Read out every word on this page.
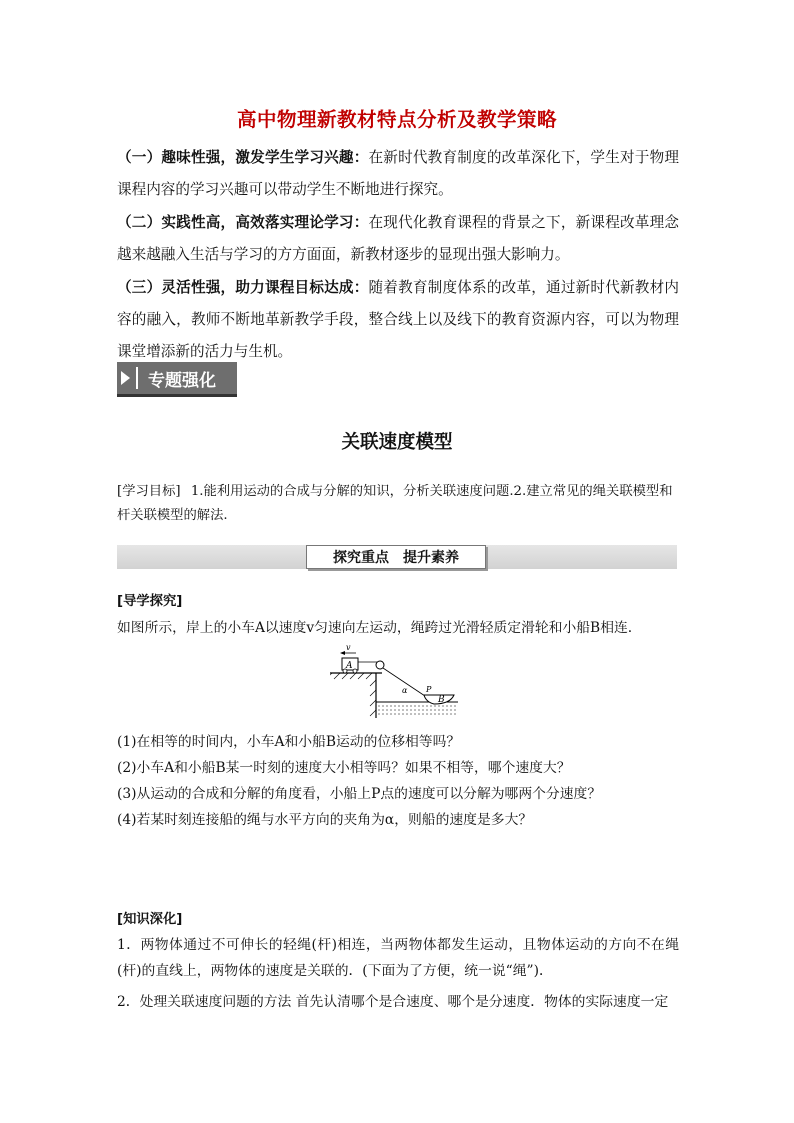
高中物理新教材特点分析及教学策略
（一）趣味性强，激发学生学习兴趣：在新时代教育制度的改革深化下，学生对于物理课程内容的学习兴趣可以带动学生不断地进行探究。
（二）实践性高，高效落实理论学习：在现代化教育课程的背景之下，新课程改革理念越来越融入生活与学习的方方面面，新教材逐步的显现出强大影响力。
（三）灵活性强，助力课程目标达成：随着教育制度体系的改革，通过新时代新教材内容的融入，教师不断地革新教学手段，整合线上以及线下的教育资源内容，可以为物理课堂增添新的活力与生机。
专题强化
关联速度模型
[学习目标] 1.能利用运动的合成与分解的知识，分析关联速度问题.2.建立常见的绳关联模型和杆关联模型的解法.
探究重点 提升素养
[导学探究]
如图所示，岸上的小车A以速度v匀速向左运动，绳跨过光滑轻质定滑轮和小船B相连.
A
v
B
P
α
(1)在相等的时间内，小车A和小船B运动的位移相等吗？
(2)小车A和小船B某一时刻的速度大小相等吗？如果不相等，哪个速度大？
(3)从运动的合成和分解的角度看，小船上P点的速度可以分解为哪两个分速度？
(4)若某时刻连接船的绳与水平方向的夹角为α，则船的速度是多大？
[知识深化]
1．两物体通过不可伸长的轻绳(杆)相连，当两物体都发生运动，且物体运动的方向不在绳(杆)的直线上，两物体的速度是关联的．(下面为了方便，统一说“绳”)．
2．处理关联速度问题的方法 首先认清哪个是合速度、哪个是分速度．物体的实际速度一定
